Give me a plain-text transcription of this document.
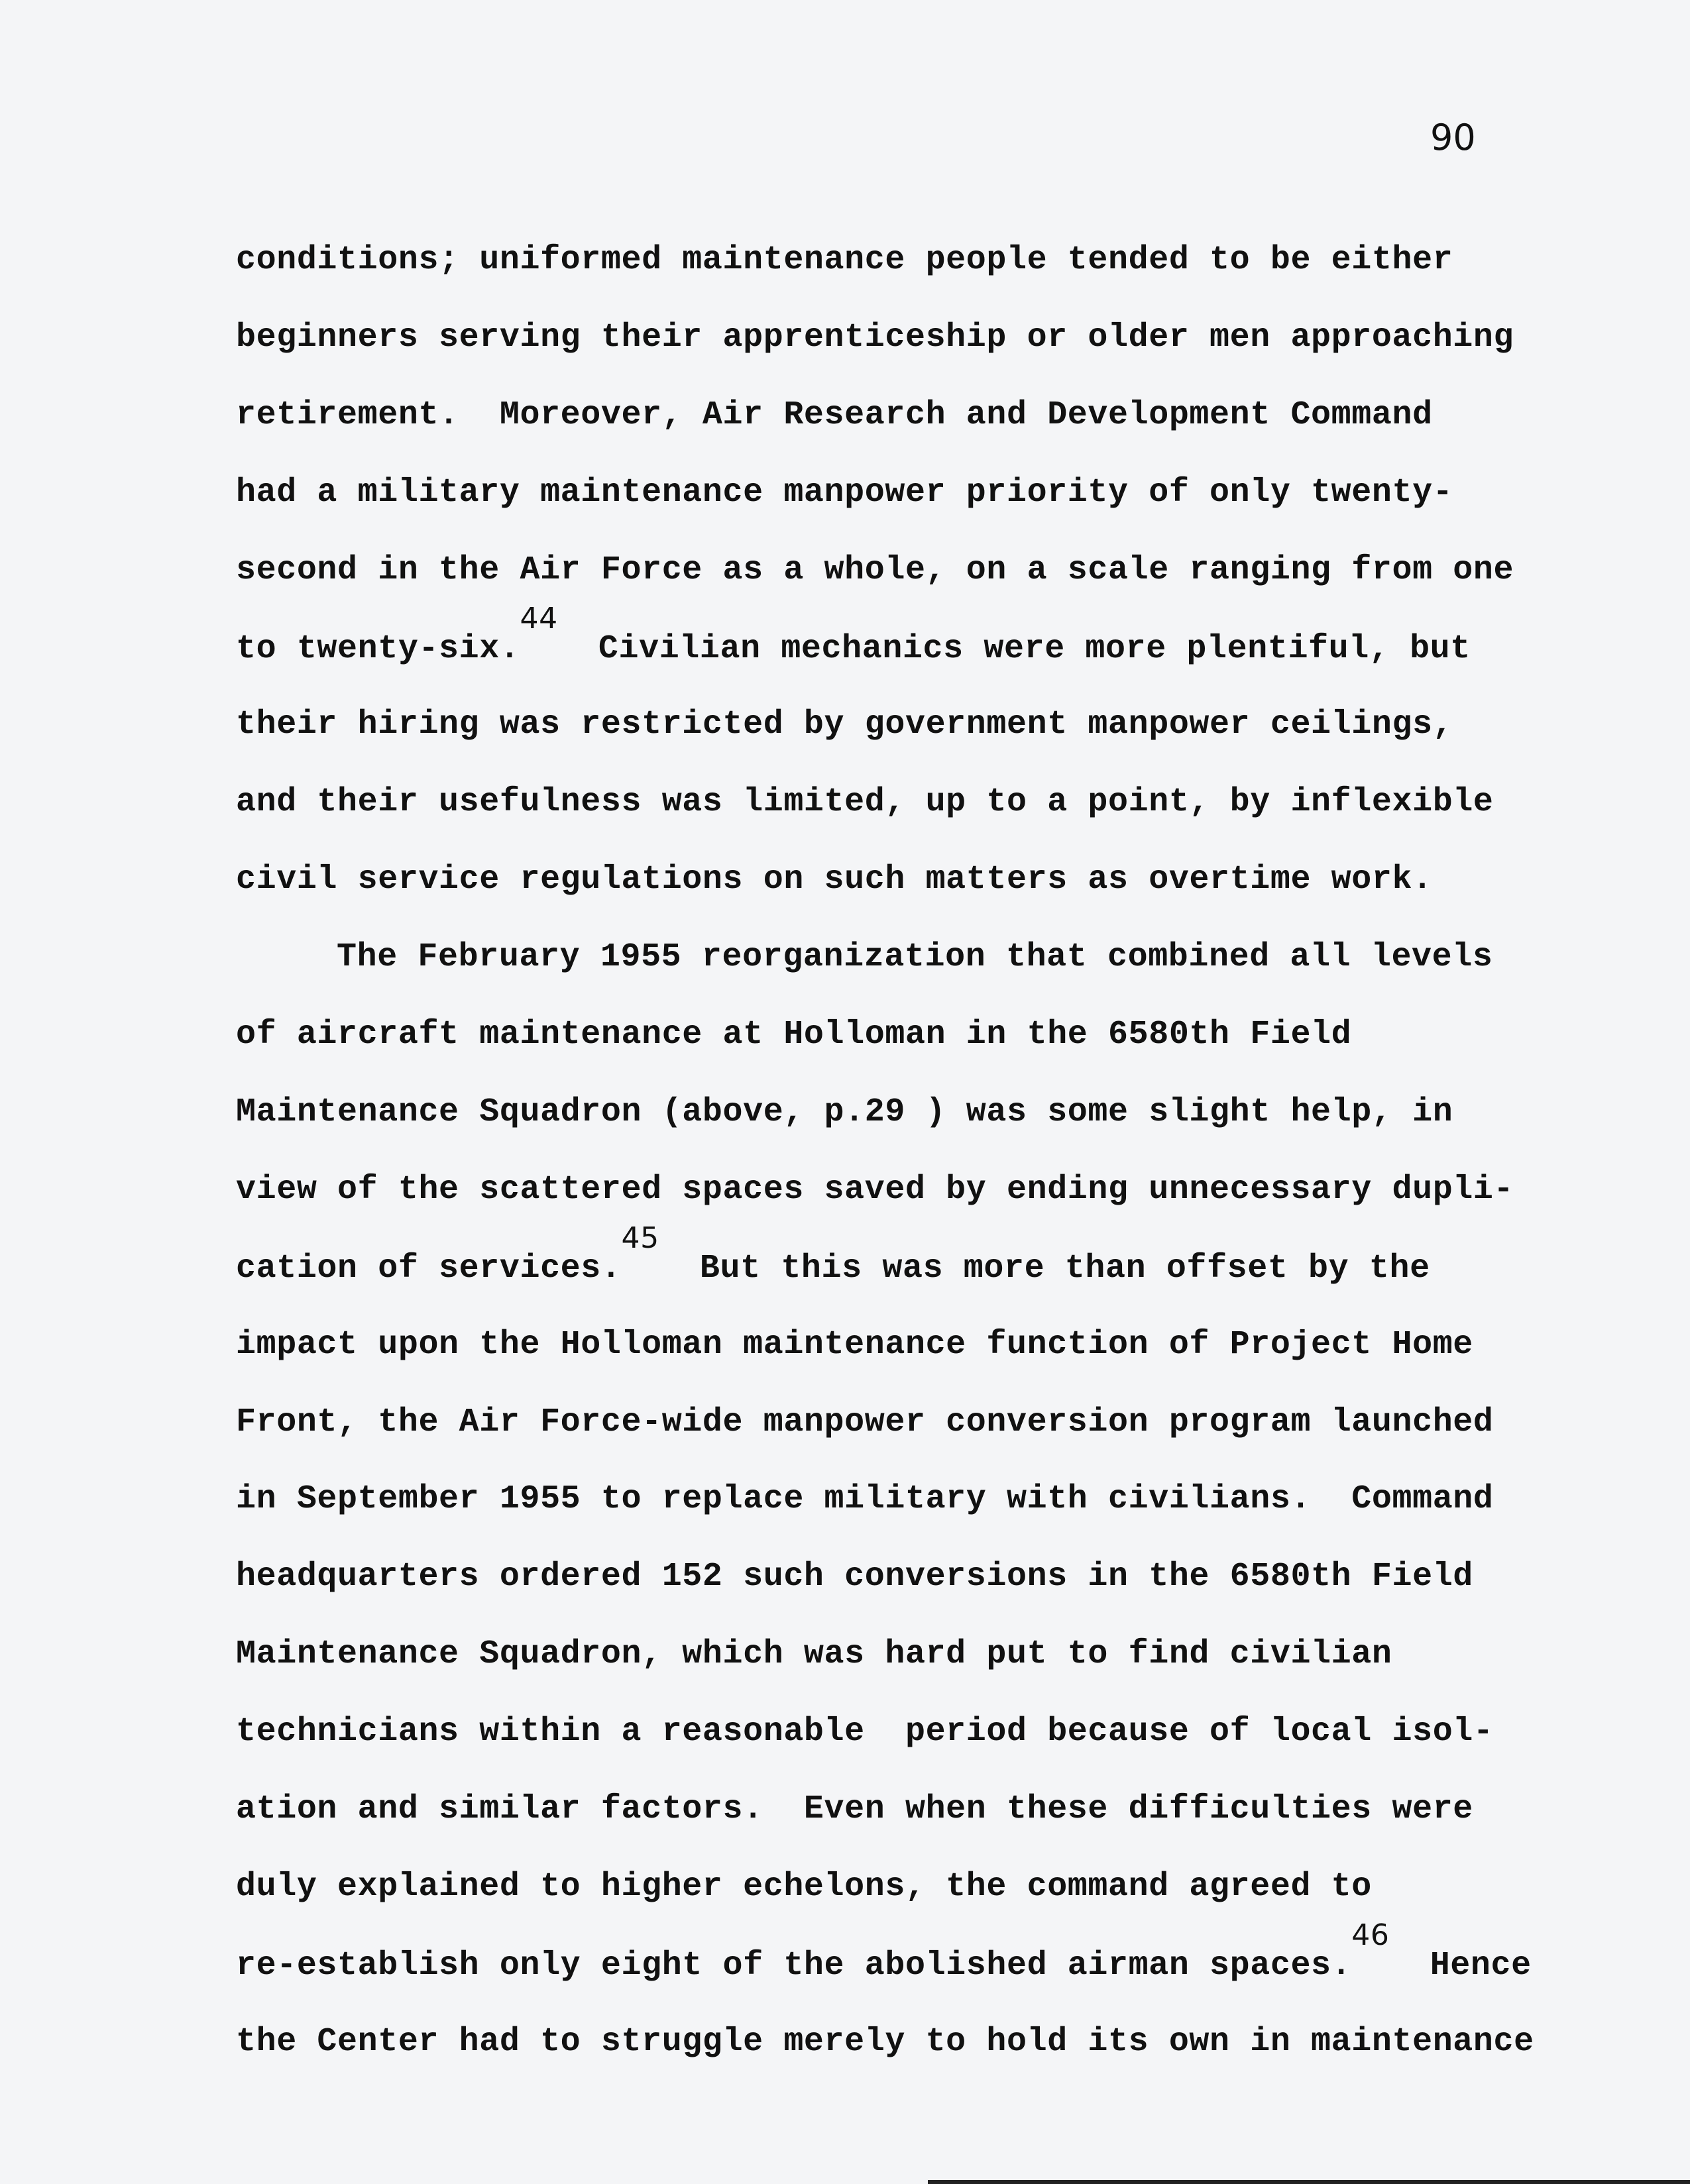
90
conditions; uniformed maintenance people tended to be either
beginners serving their apprenticeship or older men approaching
retirement.  Moreover, Air Research and Development Command
had a military maintenance manpower priority of only twenty-
second in the Air Force as a whole, on a scale ranging from one
to twenty-six.44  Civilian mechanics were more plentiful, but
their hiring was restricted by government manpower ceilings,
and their usefulness was limited, up to a point, by inflexible
civil service regulations on such matters as overtime work.
The February 1955 reorganization that combined all levels
of aircraft maintenance at Holloman in the 6580th Field
Maintenance Squadron (above, p.29 ) was some slight help, in
view of the scattered spaces saved by ending unnecessary dupli-
cation of services.45  But this was more than offset by the
impact upon the Holloman maintenance function of Project Home
Front, the Air Force-wide manpower conversion program launched
in September 1955 to replace military with civilians.  Command
headquarters ordered 152 such conversions in the 6580th Field
Maintenance Squadron, which was hard put to find civilian
technicians within a reasonable  period because of local isol-
ation and similar factors.  Even when these difficulties were
duly explained to higher echelons, the command agreed to
re-establish only eight of the abolished airman spaces.46  Hence
the Center had to struggle merely to hold its own in maintenance
